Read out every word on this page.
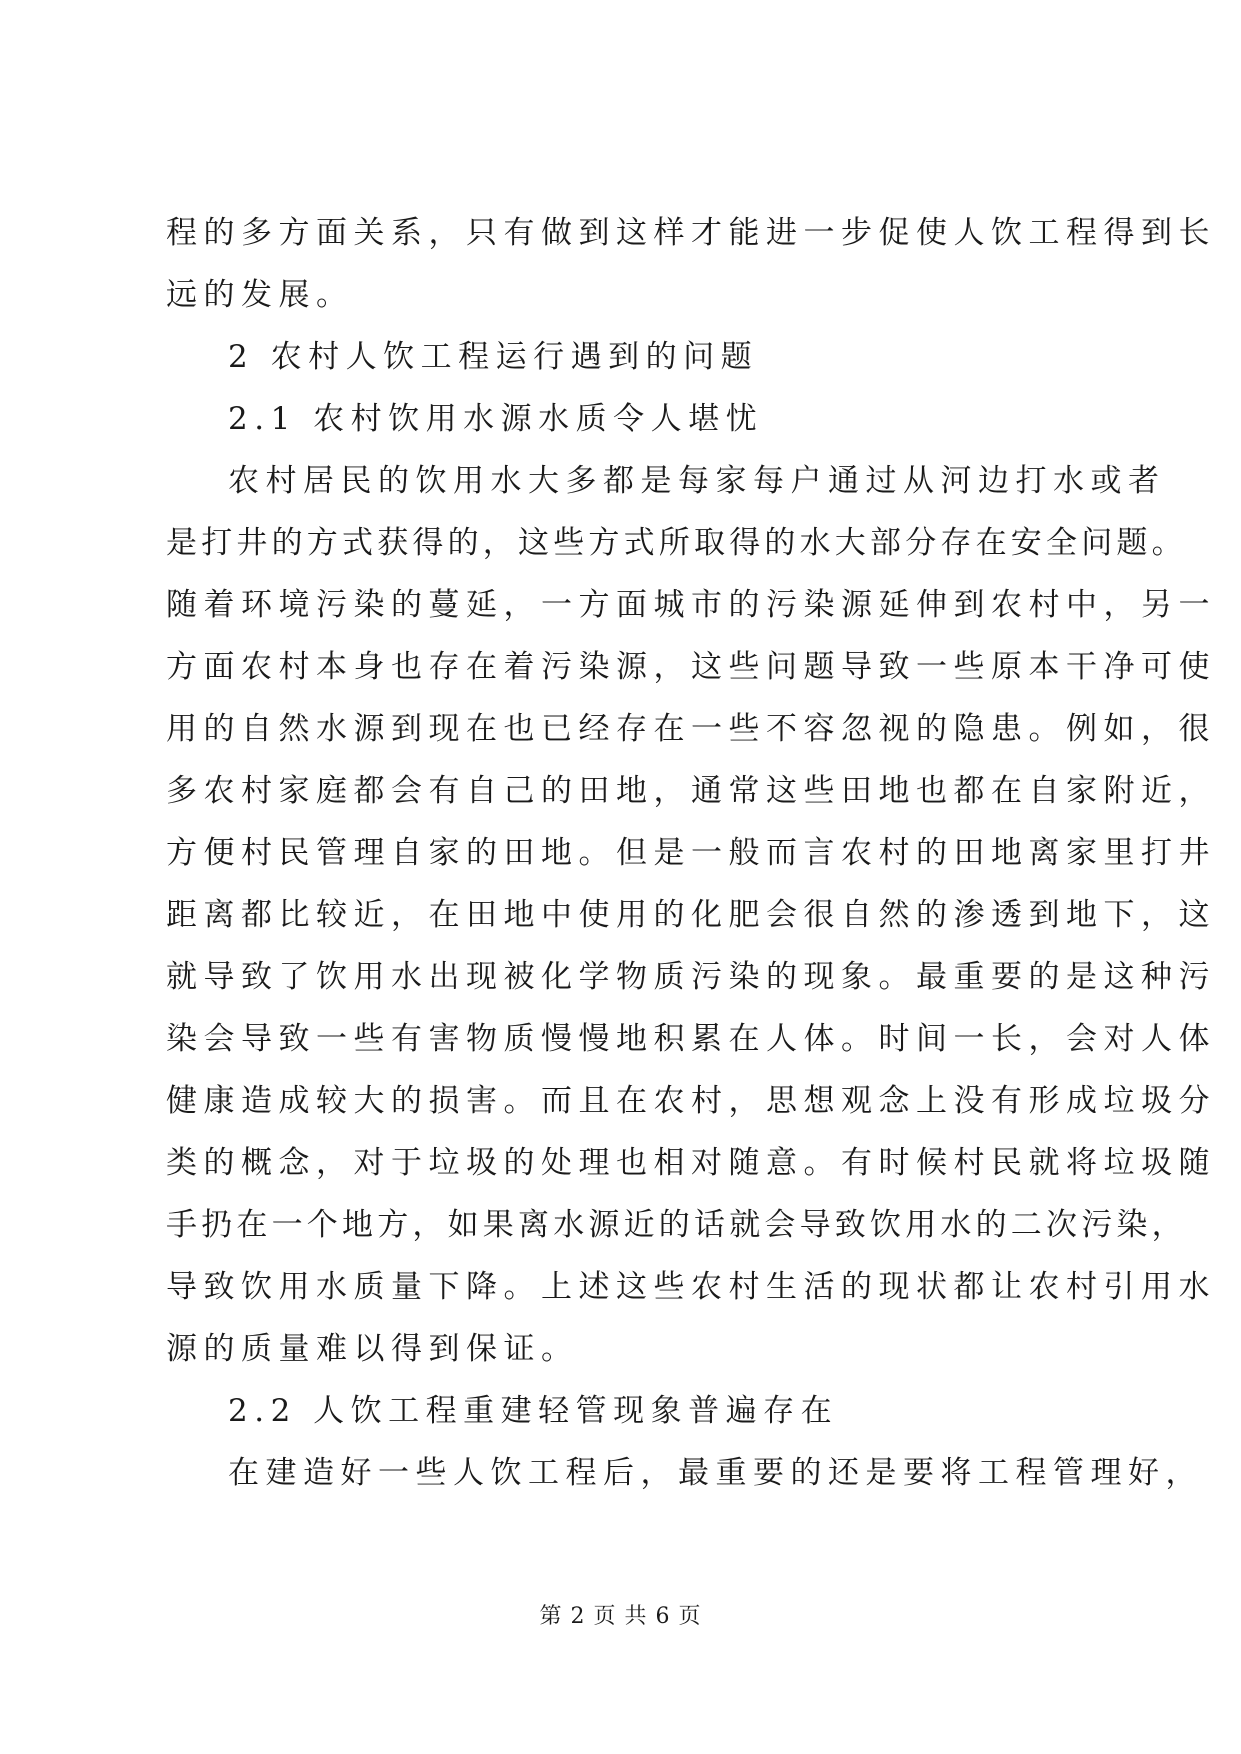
程的多方面关系，只有做到这样才能进一步促使人饮工程得到长
远的发展。
2 农村人饮工程运行遇到的问题
2.1 农村饮用水源水质令人堪忧
农村居民的饮用水大多都是每家每户通过从河边打水或者
是打井的方式获得的，这些方式所取得的水大部分存在安全问题。
随着环境污染的蔓延，一方面城市的污染源延伸到农村中，另一
方面农村本身也存在着污染源，这些问题导致一些原本干净可使
用的自然水源到现在也已经存在一些不容忽视的隐患。例如，很
多农村家庭都会有自己的田地，通常这些田地也都在自家附近，
方便村民管理自家的田地。但是一般而言农村的田地离家里打井
距离都比较近，在田地中使用的化肥会很自然的渗透到地下，这
就导致了饮用水出现被化学物质污染的现象。最重要的是这种污
染会导致一些有害物质慢慢地积累在人体。时间一长，会对人体
健康造成较大的损害。而且在农村，思想观念上没有形成垃圾分
类的概念，对于垃圾的处理也相对随意。有时候村民就将垃圾随
手扔在一个地方，如果离水源近的话就会导致饮用水的二次污染，
导致饮用水质量下降。上述这些农村生活的现状都让农村引用水
源的质量难以得到保证。
2.2 人饮工程重建轻管现象普遍存在
在建造好一些人饮工程后，最重要的还是要将工程管理好，
第 2 页 共 6 页
